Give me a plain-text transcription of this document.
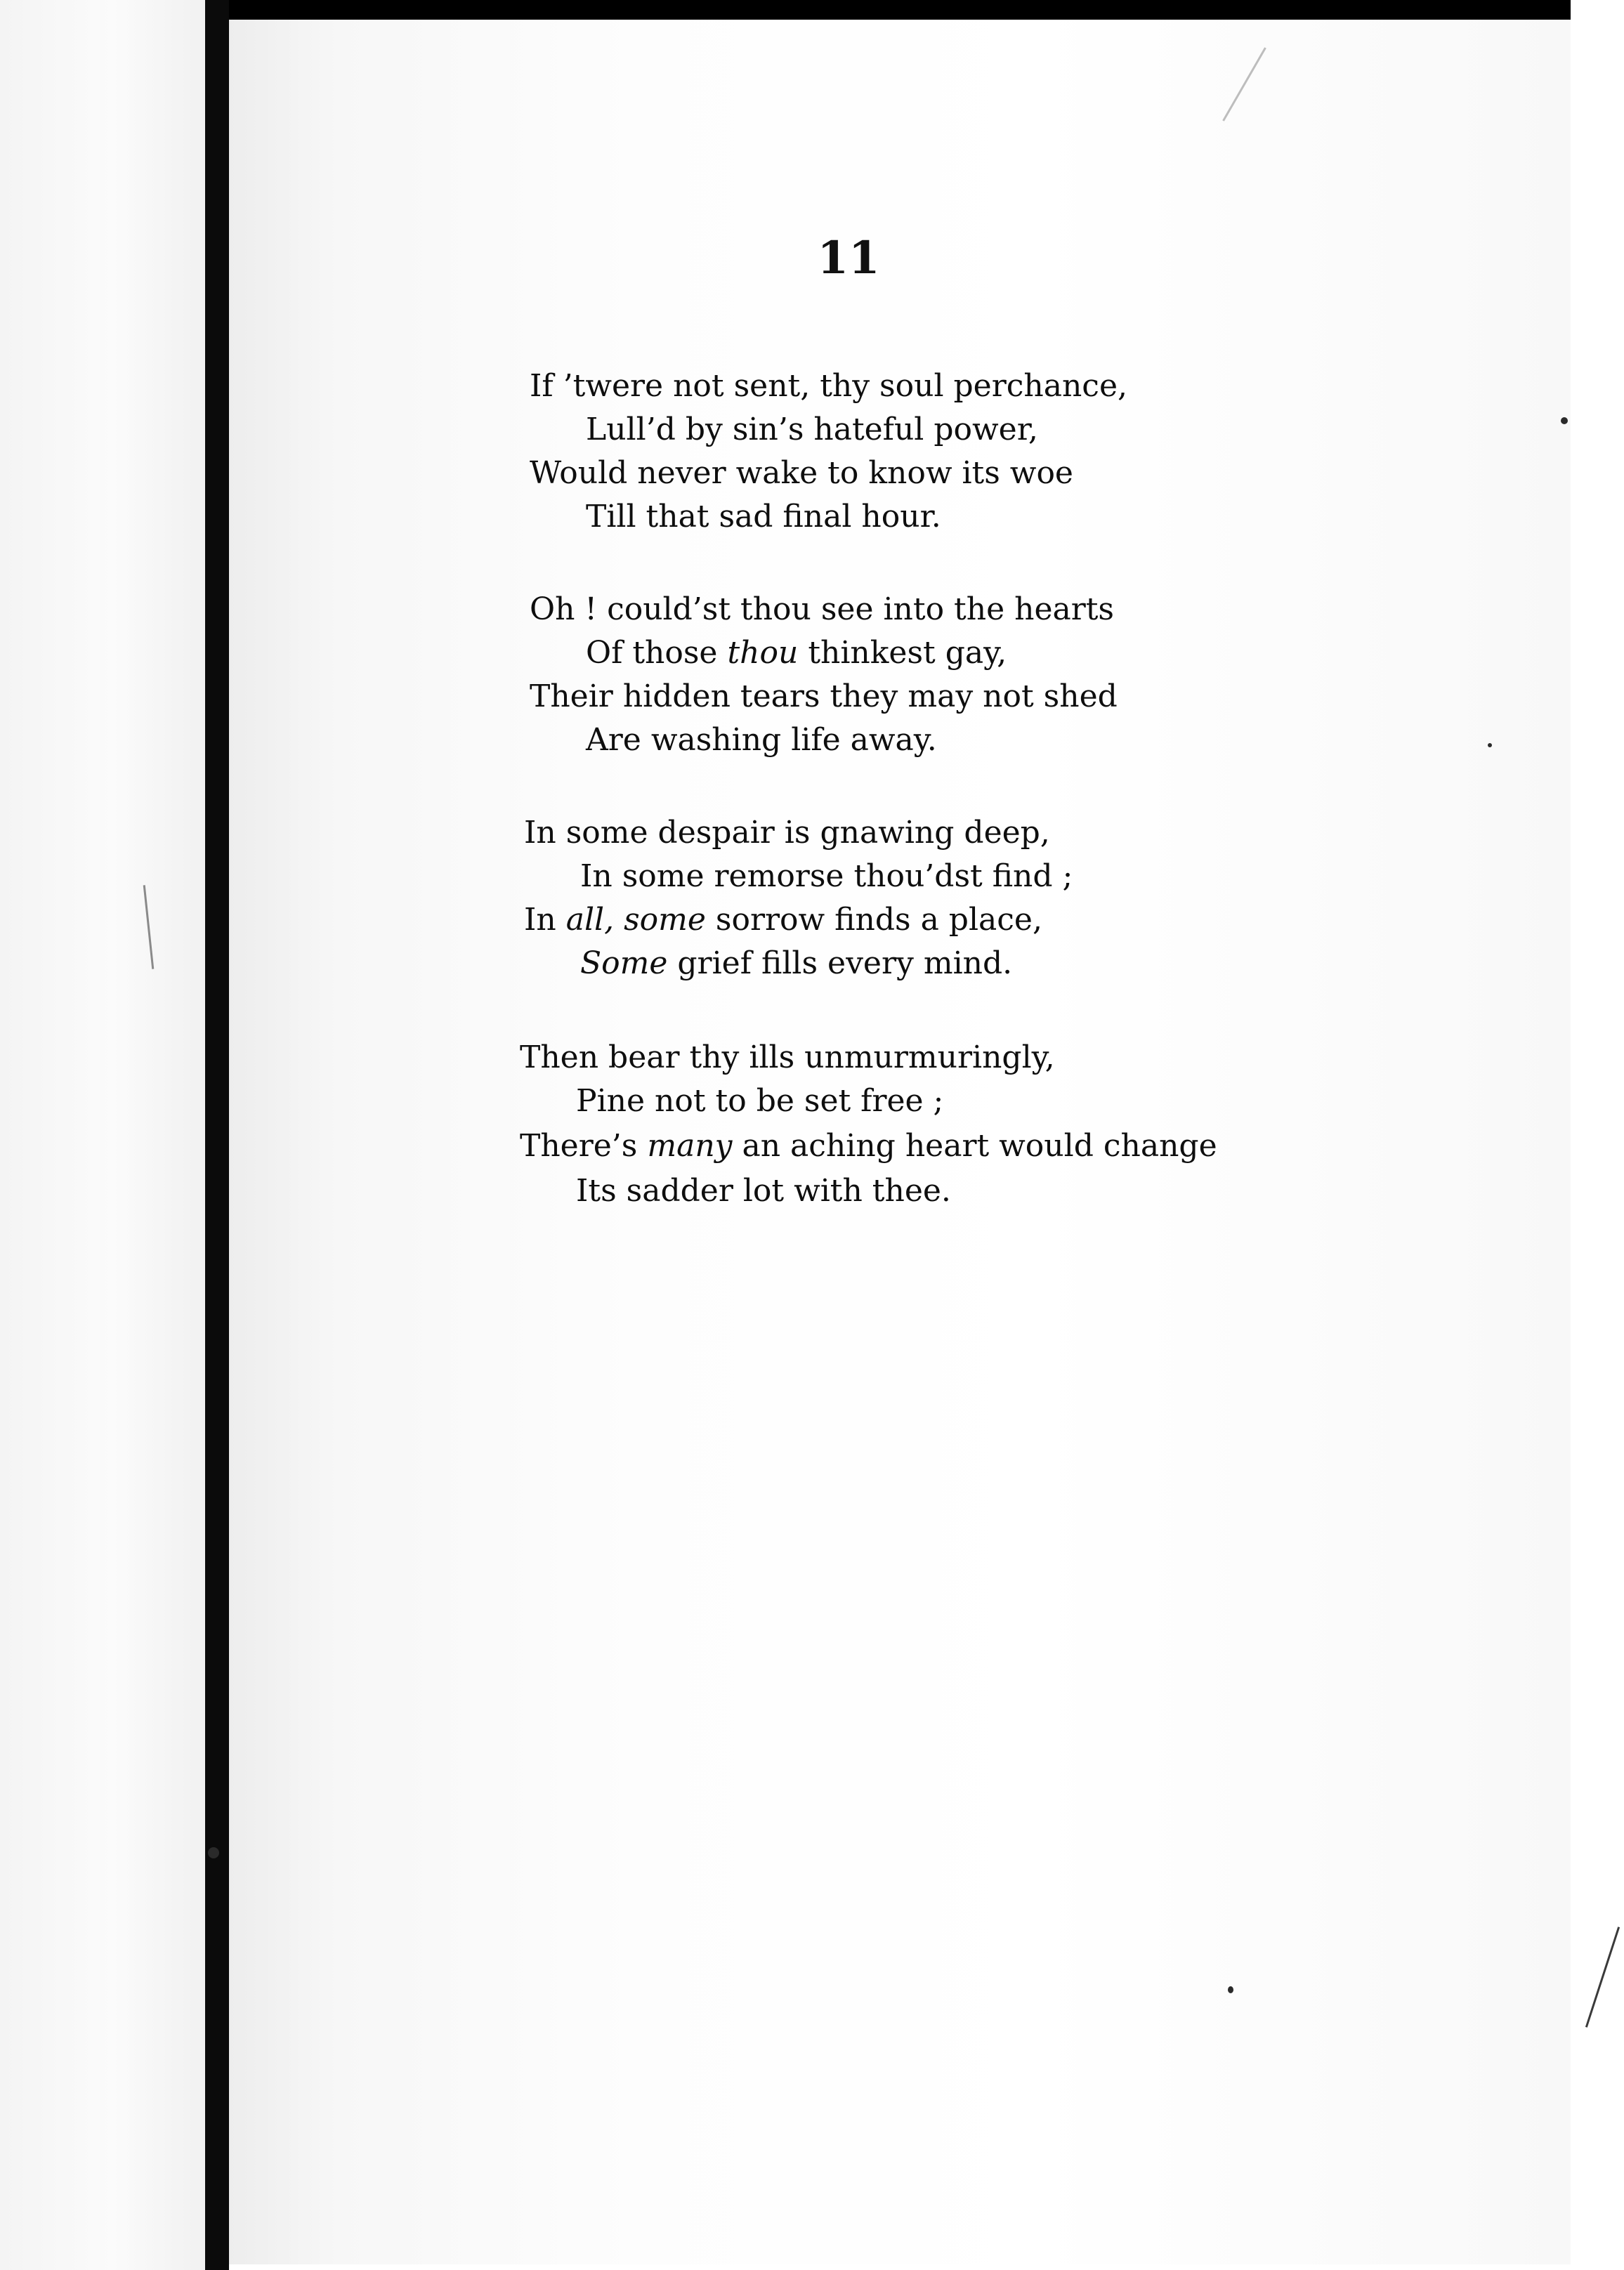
11
If ’twere not sent, thy soul perchance,
Lull’d by sin’s hateful power,
Would never wake to know its woe
Till that sad final hour.
Oh ! could’st thou see into the hearts
Of those thou thinkest gay,
Their hidden tears they may not shed
Are washing life away.
In some despair is gnawing deep,
In some remorse thou’dst find ;
In all, some sorrow finds a place,
Some grief fills every mind.
Then bear thy ills unmurmuringly,
Pine not to be set free ;
There’s many an aching heart would change
Its sadder lot with thee.
